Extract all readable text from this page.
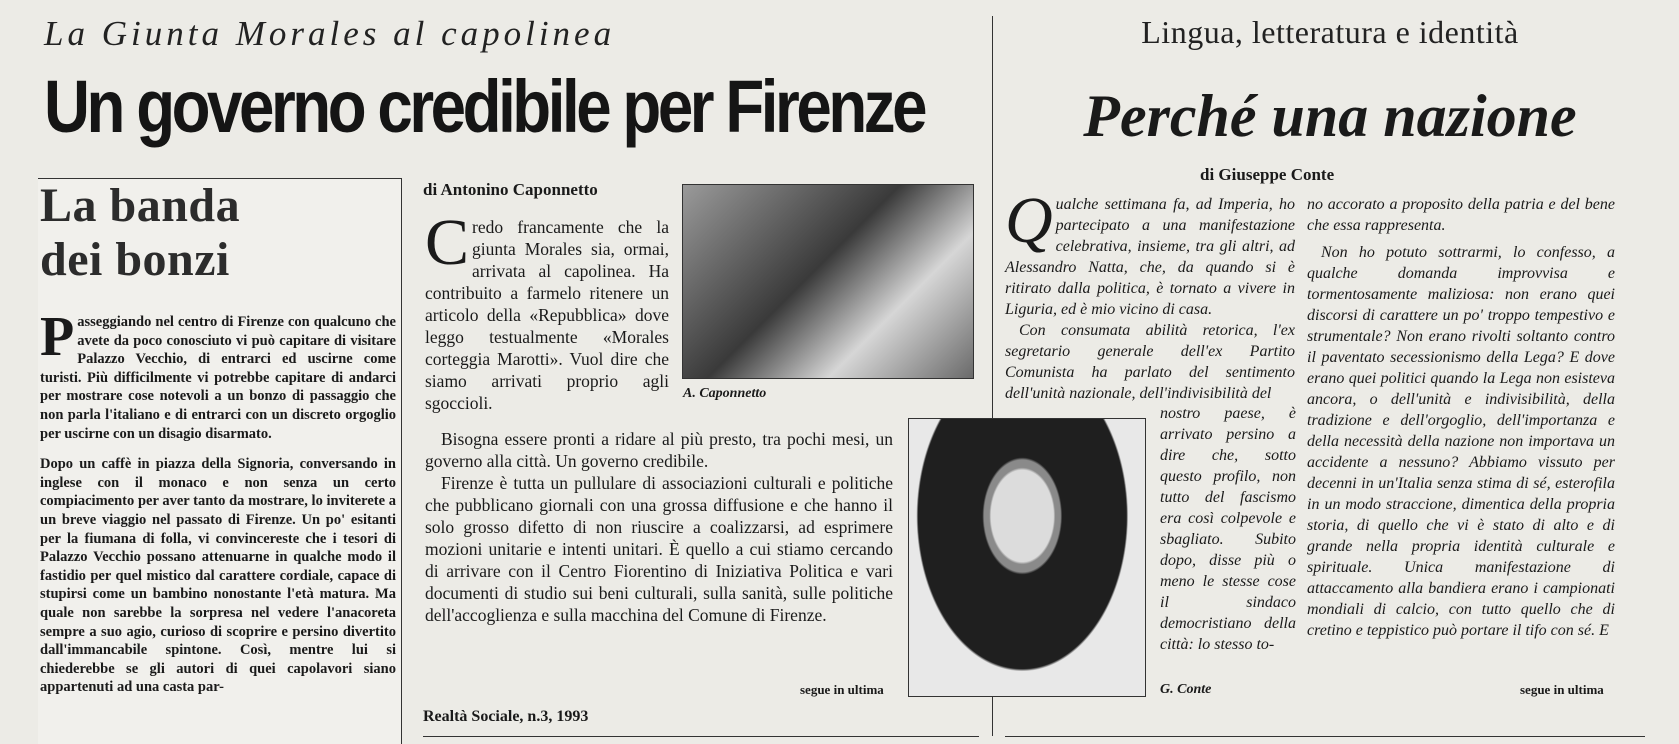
La Giunta Morales al capolinea
Un governo credibile per Firenze
Lingua, letteratura e identità
Perché una nazione
di Giuseppe Conte
La banda
dei bonzi

Passeggiando nel centro di Firenze con qualcuno che avete da poco conosciuto vi può capitare di visitare Palazzo Vecchio, di entrarci ed uscirne come turisti. Più difficilmente vi potrebbe capitare di andarci per mostrare cose notevoli a un bonzo di passaggio che non parla l'italiano e di entrarci con un discreto orgoglio per uscirne con un disagio disarmato.

Dopo un caffè in piazza della Signoria, conversando in inglese con il monaco e non senza un certo compiacimento per aver tanto da mostrare, lo inviterete a un breve viaggio nel passato di Firenze. Un po' esitanti per la fiumana di folla, vi convincereste che i tesori di Palazzo Vecchio possano attenuarne in qualche modo il fastidio per quel mistico dal carattere cordiale, capace di stupirsi come un bambino nonostante l'età matura. Ma quale non sarebbe la sorpresa nel vedere l'anacoreta sempre a suo agio, curioso di scoprire e persino divertito dall'immancabile spintone. Così, mentre lui si chiederebbe se gli autori di quei capolavori siano appartenuti ad una casta par-

di Antonino Caponnetto
A. Caponnetto
Credo francamente che la giunta Morales sia, ormai, arrivata al capolinea. Ha contribuito a farmelo ritenere un articolo della «Repubblica» dove leggo testualmente «Morales corteggia Marotti». Vuol dire che siamo arrivati proprio agli sgoccioli.

Bisogna essere pronti a ridare al più presto, tra pochi mesi, un governo alla città. Un governo credibile.

Firenze è tutta un pullulare di associazioni culturali e politiche che pubblicano giornali con una grossa diffusione e che hanno il solo grosso difetto di non riuscire a coalizzarsi, ad esprimere mozioni unitarie e intenti unitari. È quello a cui stiamo cercando di arrivare con il Centro Fiorentino di Iniziativa Politica e vari documenti di studio sui beni culturali, sulla sanità, sulle politiche dell'accoglienza e sulla macchina del Comune di Firenze.

segue in ultima
Realtà Sociale, n.3, 1993

Qualche settimana fa, ad Imperia, ho partecipato a una manifestazione celebrativa, insieme, tra gli altri, ad Alessandro Natta, che, da quando si è ritirato dalla politica, è tornato a vivere in Liguria, ed è mio vicino di casa.

Con consumata abilità retorica, l'ex segretario generale dell'ex Partito Comunista ha parlato del sentimento dell'unità nazionale, dell'indivisibilità del

nostro paese, è arrivato persino a dire che, sotto questo profilo, non tutto del fascismo era così colpevole e sbagliato. Subito dopo, disse più o meno le stesse cose il sindaco democristiano della città: lo stesso to-
G. Conte

no accorato a proposito della patria e del bene che essa rappresenta.

Non ho potuto sottrarmi, lo confesso, a qualche domanda improvvisa e tormentosamente maliziosa: non erano quei discorsi di carattere un po' troppo tempestivo e strumentale? Non erano rivolti soltanto contro il paventato secessionismo della Lega? E dove erano quei politici quando la Lega non esisteva ancora, o dell'unità e indivisibilità, della tradizione e dell'orgoglio, dell'importanza e della necessità della nazione non importava un accidente a nessuno? Abbiamo vissuto per decenni in un'Italia senza stima di sé, esterofila in un modo straccione, dimentica della propria storia, di quello che vi è stato di alto e di grande nella propria identità culturale e spirituale. Unica manifestazione di attaccamento alla bandiera erano i campionati mondiali di calcio, con tutto quello che di cretino e teppistico può portare il tifo con sé. E

segue in ultima
